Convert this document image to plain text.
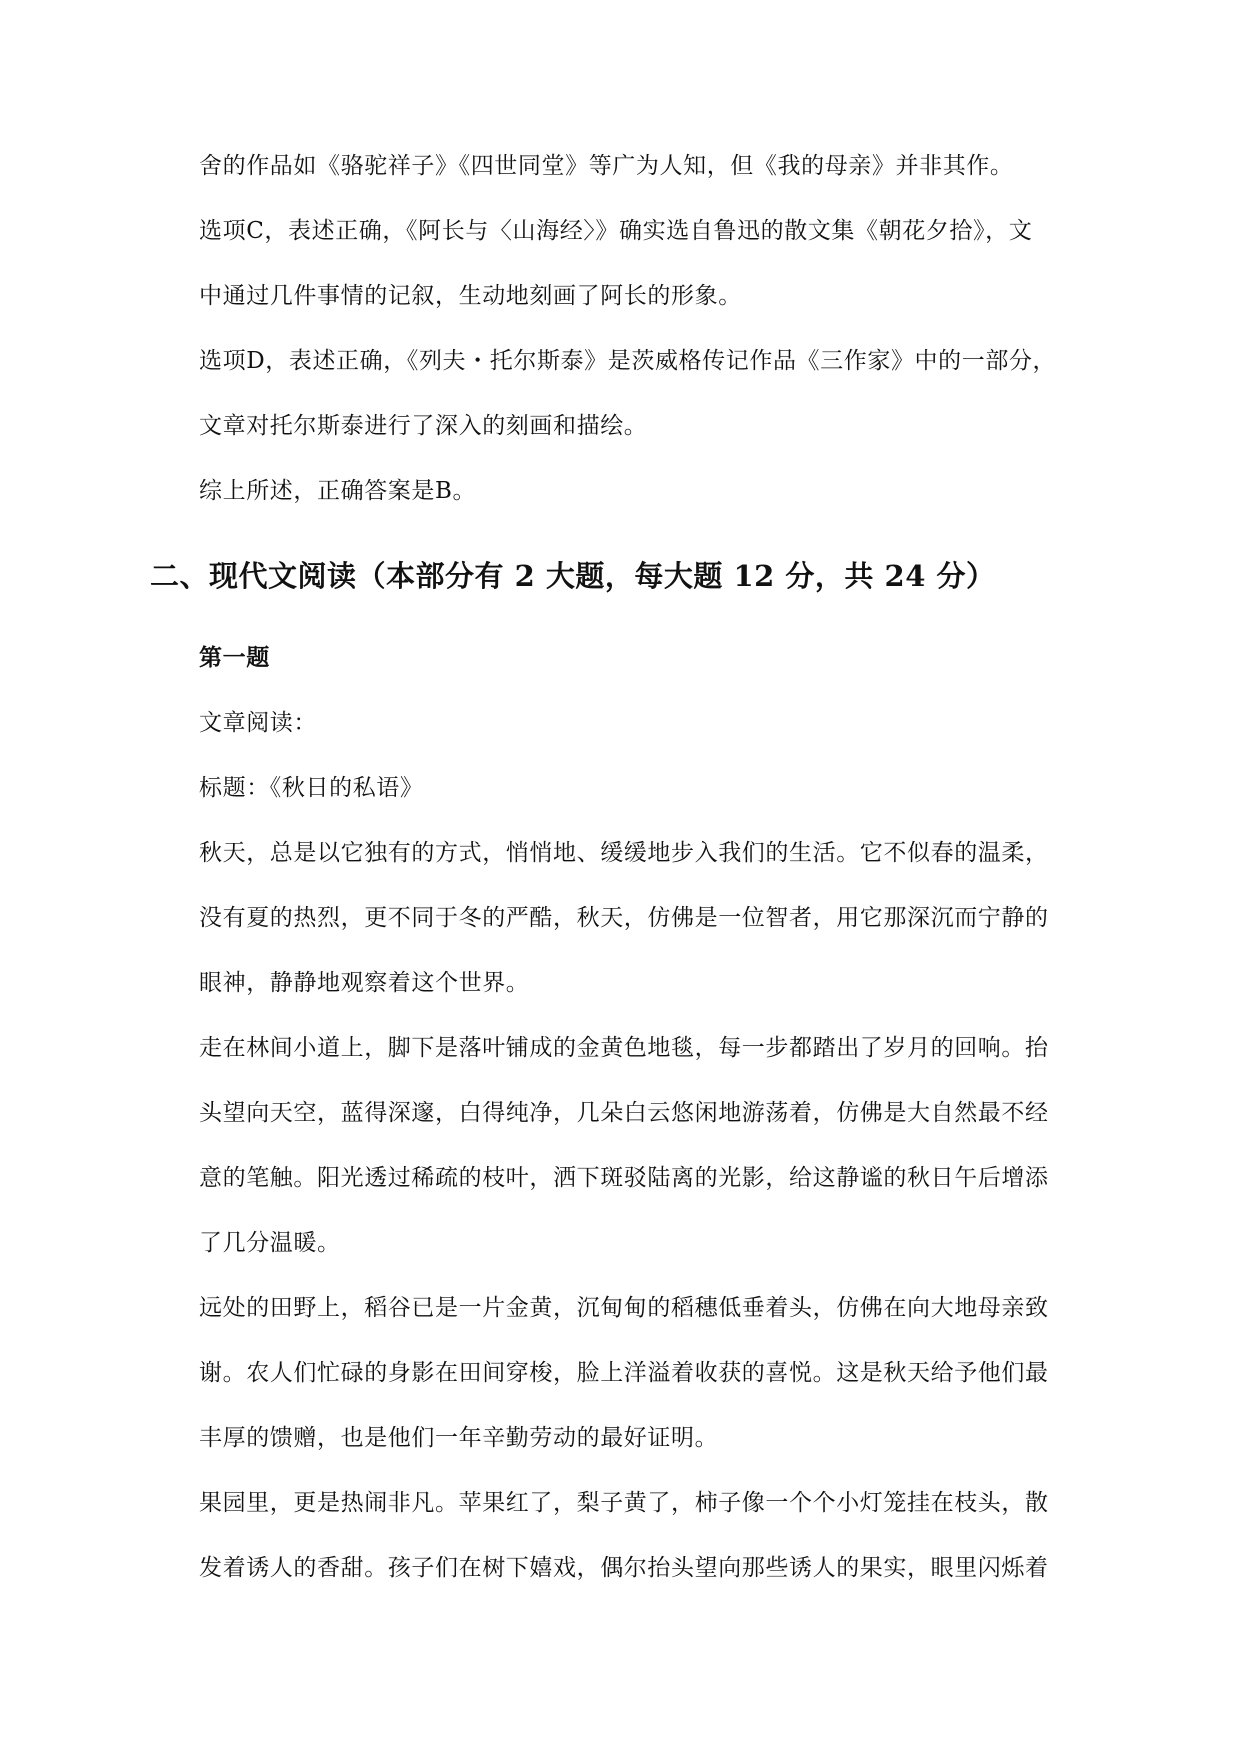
舍的作品如《骆驼祥子》《四世同堂》等广为人知，但《我的母亲》并非其作。
选项C，表述正确，《阿长与〈山海经〉》确实选自鲁迅的散文集《朝花夕拾》，文
中通过几件事情的记叙，生动地刻画了阿长的形象。
选项D，表述正确，《列夫・托尔斯泰》是茨威格传记作品《三作家》中的一部分，
文章对托尔斯泰进行了深入的刻画和描绘。
综上所述，正确答案是B。
二、现代文阅读（本部分有 2 大题，每大题 12 分，共 24 分）
第一题
文章阅读：
标题：《秋日的私语》
秋天，总是以它独有的方式，悄悄地、缓缓地步入我们的生活。它不似春的温柔，
没有夏的热烈，更不同于冬的严酷，秋天，仿佛是一位智者，用它那深沉而宁静的
眼神，静静地观察着这个世界。
走在林间小道上，脚下是落叶铺成的金黄色地毯，每一步都踏出了岁月的回响。抬
头望向天空，蓝得深邃，白得纯净，几朵白云悠闲地游荡着，仿佛是大自然最不经
意的笔触。阳光透过稀疏的枝叶，洒下斑驳陆离的光影，给这静谧的秋日午后增添
了几分温暖。
远处的田野上，稻谷已是一片金黄，沉甸甸的稻穗低垂着头，仿佛在向大地母亲致
谢。农人们忙碌的身影在田间穿梭，脸上洋溢着收获的喜悦。这是秋天给予他们最
丰厚的馈赠，也是他们一年辛勤劳动的最好证明。
果园里，更是热闹非凡。苹果红了，梨子黄了，柿子像一个个小灯笼挂在枝头，散
发着诱人的香甜。孩子们在树下嬉戏，偶尔抬头望向那些诱人的果实，眼里闪烁着
